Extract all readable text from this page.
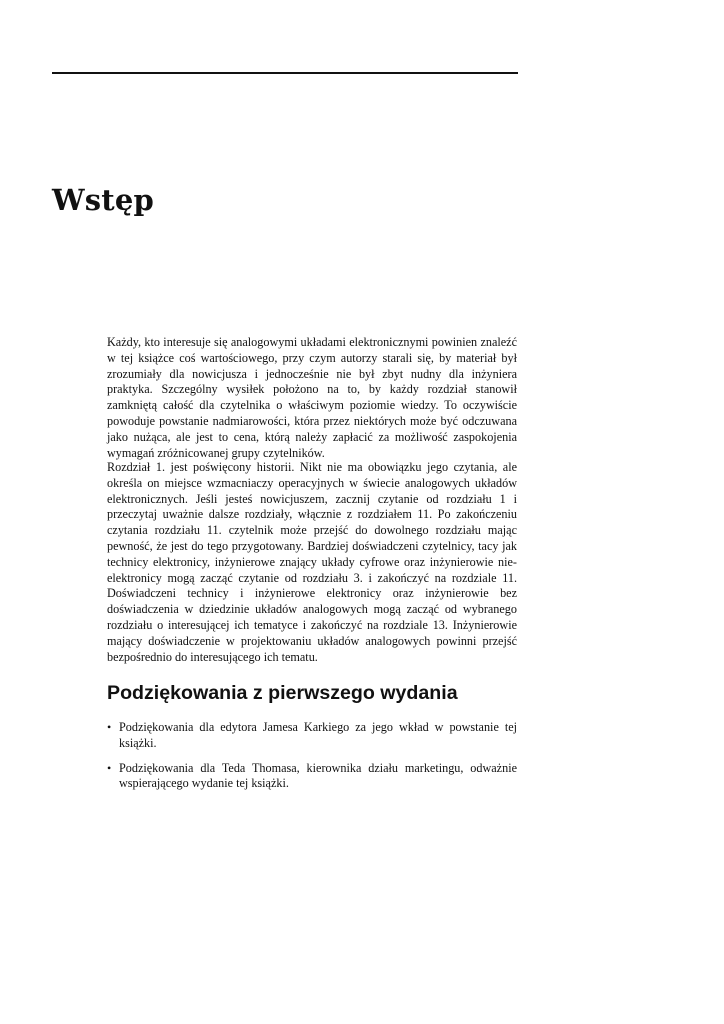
Wstęp

Każdy, kto interesuje się analogowymi układami elektronicznymi powinien znaleźć w tej książce coś wartościowego, przy czym autorzy starali się, by materiał był zrozumiały dla nowicjusza i jednocześnie nie był zbyt nudny dla inżyniera praktyka. Szczególny wysiłek położono na to, by każdy rozdział stanowił zamkniętą całość dla czytelnika o właściwym poziomie wiedzy. To oczywiście powoduje powstanie nadmiarowości, która przez niektórych może być odczuwana jako nużąca, ale jest to cena, którą należy zapłacić za możliwość zaspokojenia wymagań zróżnicowanej grupy czytelników.

Rozdział 1. jest poświęcony historii. Nikt nie ma obowiązku jego czytania, ale określa on miejsce wzmacniaczy operacyjnych w świecie analogowych układów elektronicznych. Jeśli jesteś nowicjuszem, zacznij czytanie od rozdziału 1 i przeczytaj uważnie dalsze rozdziały, włącznie z rozdziałem 11. Po zakończeniu czytania rozdziału 11. czytelnik może przejść do dowolnego rozdziału mając pewność, że jest do tego przygotowany. Bardziej doświadczeni czytelnicy, tacy jak technicy elektronicy, inżynierowe znający układy cyfrowe oraz inżynierowie nie-elektronicy mogą zacząć czytanie od rozdziału 3. i zakończyć na rozdziale 11. Doświadczeni technicy i inżynierowe elektronicy oraz inżynierowie bez doświadczenia w dziedzinie układów analogowych mogą zacząć od wybranego rozdziału o interesującej ich tematyce i zakończyć na rozdziale 13. Inżynierowie mający doświadczenie w projektowaniu układów analogowych powinni przejść bezpośrednio do interesującego ich tematu.

Podziękowania z pierwszego wydania
• Podziękowania dla edytora Jamesa Karkiego za jego wkład w powstanie tej książki.
• Podziękowania dla Teda Thomasa, kierownika działu marketingu, odważnie wspierającego wydanie tej książki.
